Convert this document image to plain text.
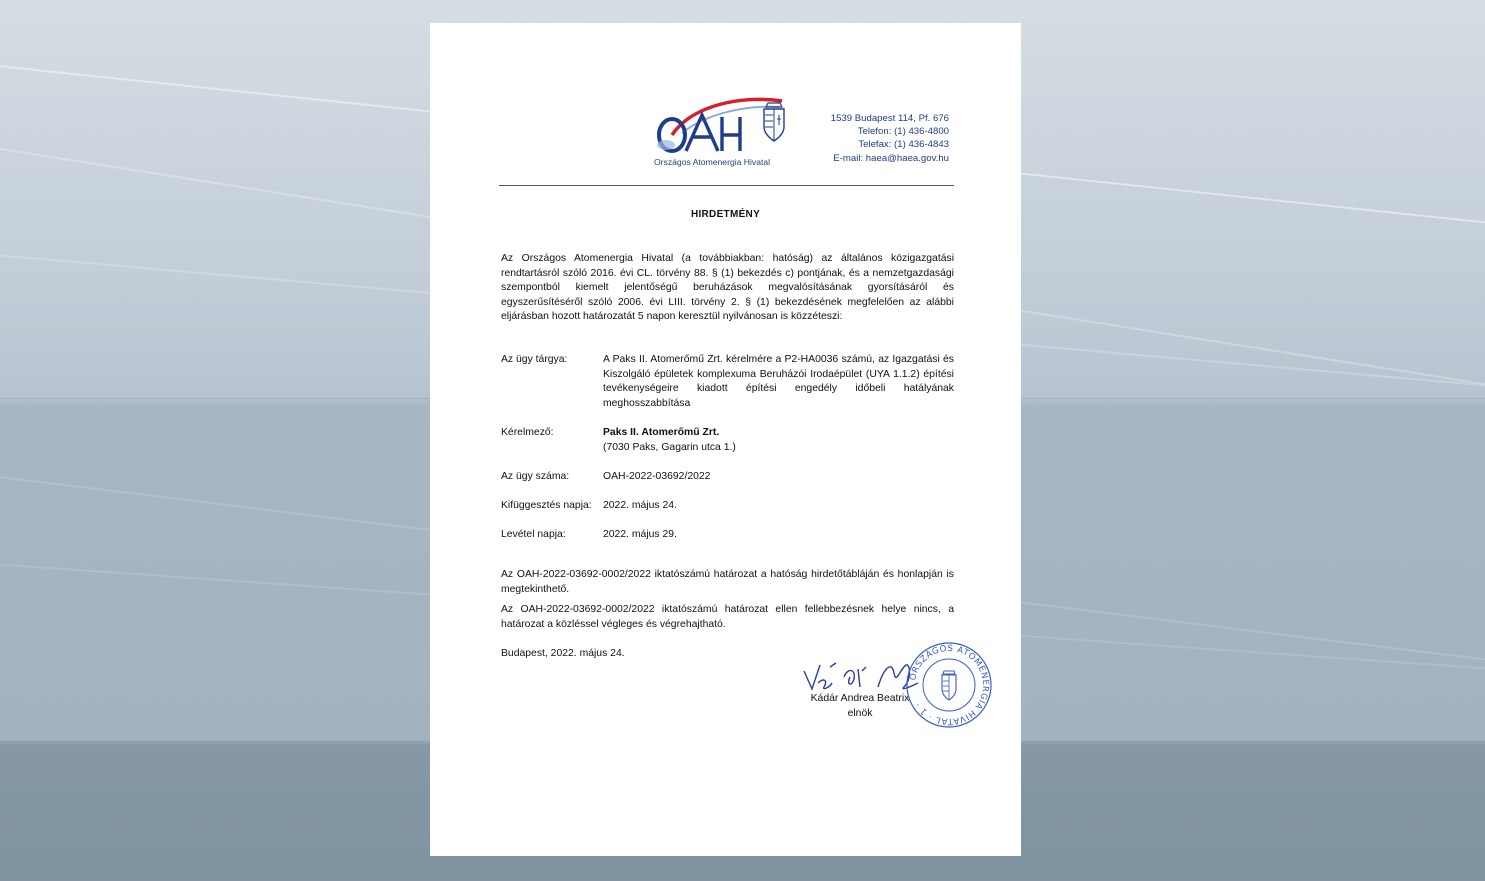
Országos Atomenergia Hivatal
1539 Budapest 114, Pf. 676
Telefon: (1) 436-4800
Telefax: (1) 436-4843
E-mail: haea@haea.gov.hu
HIRDETMÉNY
Az Országos Atomenergia Hivatal (a továbbiakban: hatóság) az általános közigazgatási rendtartásról szóló 2016. évi CL. törvény 88. § (1) bekezdés c) pontjának, és a nemzetgazdasági szempontból kiemelt jelentőségű beruházások megvalósításának gyorsításáról és egyszerűsítéséről szóló 2006. évi LIII. törvény 2. § (1) bekezdésének megfelelően az alábbi eljárásban hozott határozatát 5 napon keresztül nyilvánosan is közzéteszi:
Az ügy tárgya:	A Paks II. Atomerőmű Zrt. kérelmére a P2-HA0036 számú, az Igazgatási és Kiszolgáló épületek komplexuma Beruházói Irodaépület (UYA 1.1.2) építési tevékenységeire kiadott építési engedély időbeli hatályának meghosszabbítása
Kérelmező:	Paks II. Atomerőmű Zrt.
(7030 Paks, Gagarin utca 1.)
Az ügy száma:	OAH-2022-03692/2022
Kifüggesztés napja: 2022. május 24.
Levétel napja:	2022. május 29.
Az OAH-2022-03692-0002/2022 iktatószámú határozat a hatóság hirdetőtábláján és honlapján is megtekinthető.
Az OAH-2022-03692-0002/2022 iktatószámú határozat ellen fellebbezésnek helye nincs, a határozat a közléssel végleges és végrehajtható.
Budapest, 2022. május 24.
Kádár Andrea Beatrix
elnök
ORSZÁGOS ATOMENERGIA HIVATAL · 1 ·
